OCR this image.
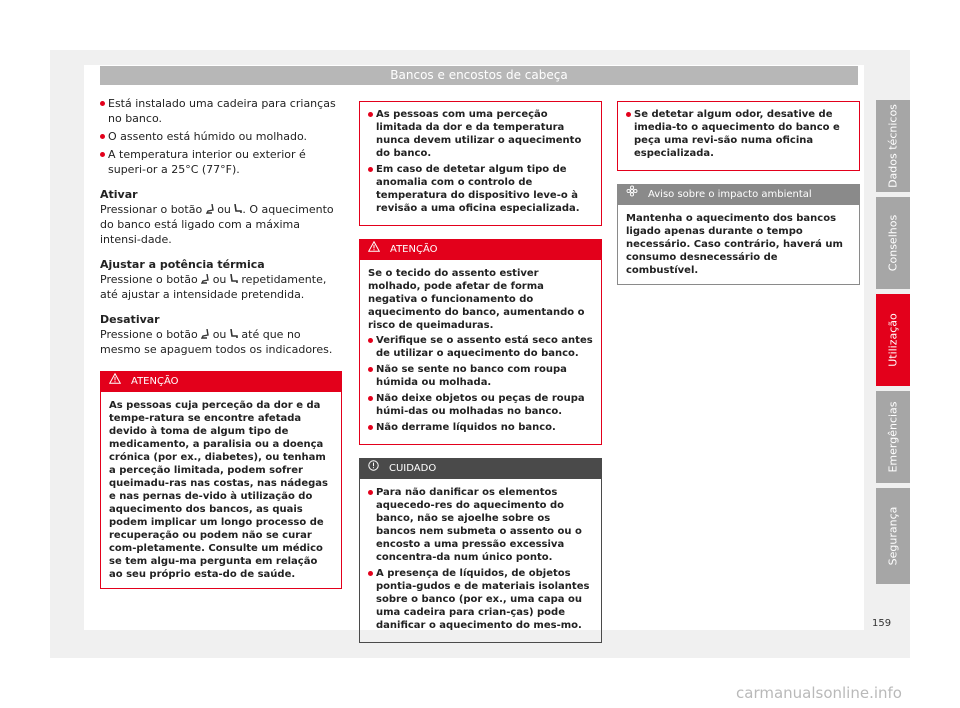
Bancos e encostos de cabeça
Está instalado uma cadeira para crianças no banco.
O assento está húmido ou molhado.
A temperatura interior ou exterior é superi-or a 25°C (77°F).
Ativar
Pressionar o botão ou . O aquecimento do banco está ligado com a máxima intensi-dade.
Ajustar a potência térmica
Pressione o botão ou repetidamente, até ajustar a intensidade pretendida.
Desativar
Pressione o botão ou até que no mesmo se apaguem todos os indicadores.
ATENÇÃO
As pessoas cuja perceção da dor e da tempe-ratura se encontre afetada devido à toma de algum tipo de medicamento, a paralisia ou a doença crónica (por ex., diabetes), ou tenham a perceção limitada, podem sofrer queimadu-ras nas costas, nas nádegas e nas pernas de-vido à utilização do aquecimento dos bancos, as quais podem implicar um longo processo de recuperação ou podem não se curar com-pletamente. Consulte um médico se tem algu-ma pergunta em relação ao seu próprio esta-do de saúde.
As pessoas com uma perceção limitada da dor e da temperatura nunca devem utilizar o aquecimento do banco.
Em caso de detetar algum tipo de anomalia com o controlo de temperatura do dispositivo leve-o à revisão a uma oficina especializada.
ATENÇÃO

Se o tecido do assento estiver molhado, pode afetar de forma negativa o funcionamento do aquecimento do banco, aumentando o risco de queimaduras.

Verifique se o assento está seco antes de utilizar o aquecimento do banco.
Não se sente no banco com roupa húmida ou molhada.
Não deixe objetos ou peças de roupa húmi-das ou molhadas no banco.
Não derrame líquidos no banco.
CUIDADO
Para não danificar os elementos aquecedo-res do aquecimento do banco, não se ajoelhe sobre os bancos nem submeta o assento ou o encosto a uma pressão excessiva concentra-da num único ponto.
A presença de líquidos, de objetos pontia-gudos e de materiais isolantes sobre o banco (por ex., uma capa ou uma cadeira para crian-ças) pode danificar o aquecimento do mes-mo.
Se detetar algum odor, desative de imedia-to o aquecimento do banco e peça uma revi-são numa oficina especializada.
Aviso sobre o impacto ambiental
Mantenha o aquecimento dos bancos ligado apenas durante o tempo necessário. Caso contrário, haverá um consumo desnecessário de combustível.
Dados técnicos
Conselhos
Utilização
Emergências
Segurança
159
carmanualsonline.info
